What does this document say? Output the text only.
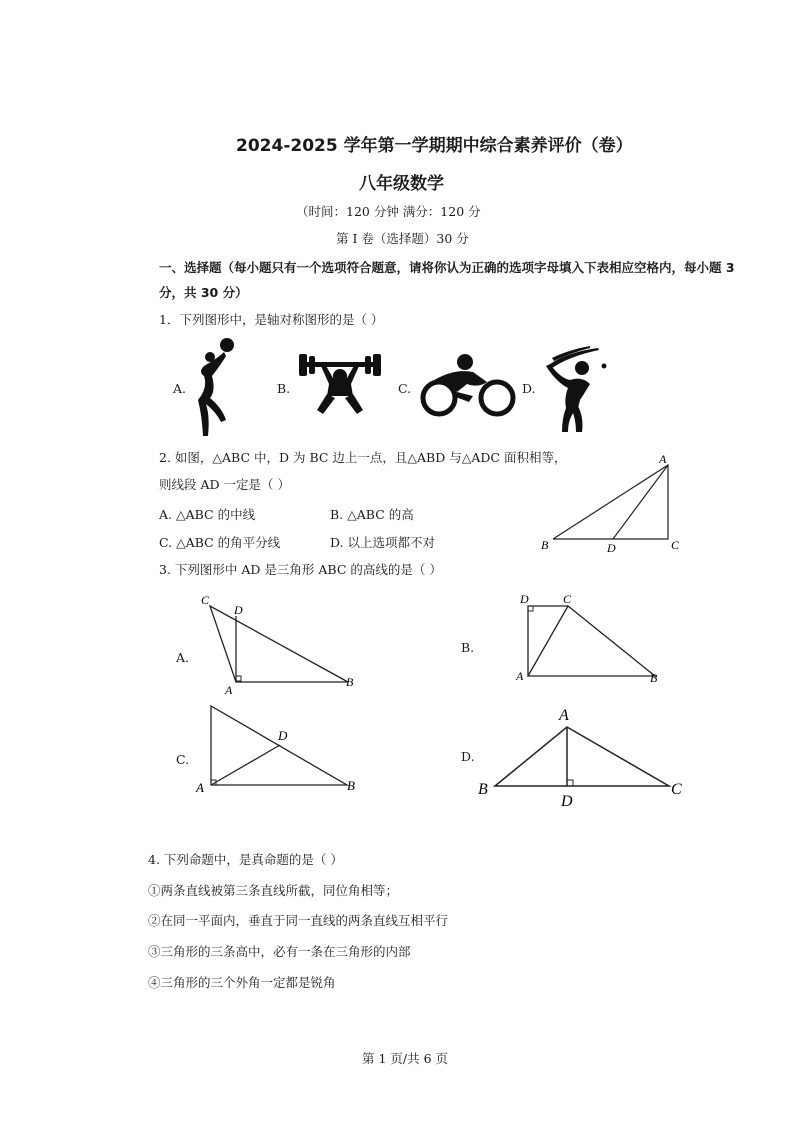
2024-2025 学年第一学期期中综合素养评价（卷）
八年级数学
（时间：120 分钟 满分：120 分
第 I 卷（选择题）30 分
一、选择题（每小题只有一个选项符合题意，请将你认为正确的选项字母填入下表相应空格内，每小题 3
分，共 30 分）
1．下列图形中，是轴对称图形的是（ ）
A.	B.	C.	D.
2. 如图，△ABC 中，D 为 BC 边上一点，且△ABD 与△ADC 面积相等，
则线段 AD 一定是（ ）
A. △ABC 的中线	B. △ABC 的高
C. △ABC 的角平分线	D. 以上选项都不对
A
B	D	C
3. 下列图形中 AD 是三角形 ABC 的高线的是（ ）
A.
C
D
A
B
B.
D	C
A	B
C.
D
A	B
D.
A
B
D
C
4. 下列命题中，是真命题的是（ ）
①两条直线被第三条直线所截，同位角相等；
②在同一平面内，垂直于同一直线的两条直线互相平行
③三角形的三条高中，必有一条在三角形的内部
④三角形的三个外角一定都是锐角
第 1 页/共 6 页
